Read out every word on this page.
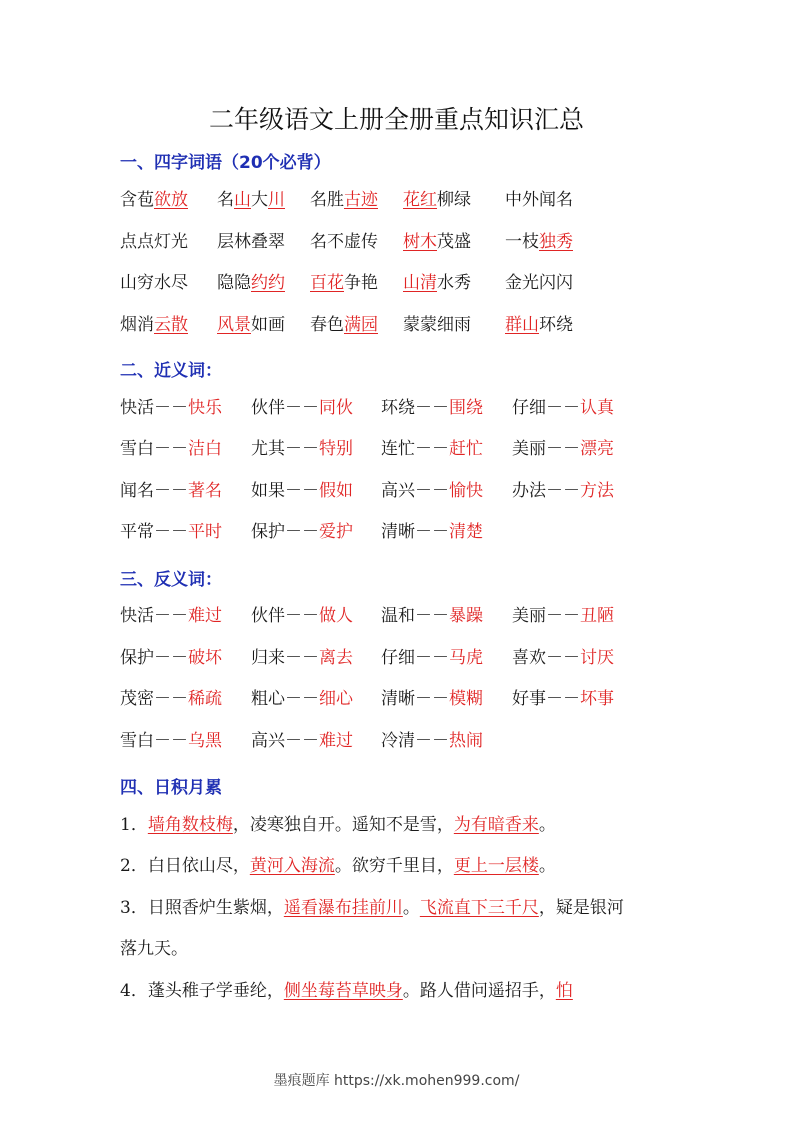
二年级语文上册全册重点知识汇总
一、四字词语（20个必背）
含苞欲放 名山大川 名胜古迹 花红柳绿 中外闻名
点点灯光 层林叠翠 名不虚传 树木茂盛 一枝独秀
山穷水尽 隐隐约约 百花争艳 山清水秀 金光闪闪
烟消云散 风景如画 春色满园 蒙蒙细雨 群山环绕
二、近义词：
快活－－快乐 伙伴－－同伙 环绕－－围绕 仔细－－认真
雪白－－洁白 尤其－－特别 连忙－－赶忙 美丽－－漂亮
闻名－－著名 如果－－假如 高兴－－愉快 办法－－方法
平常－－平时 保护－－爱护 清晰－－清楚
三、反义词：
快活－－难过 伙伴－－做人 温和－－暴躁 美丽－－丑陋
保护－－破坏 归来－－离去 仔细－－马虎 喜欢－－讨厌
茂密－－稀疏 粗心－－细心 清晰－－模糊 好事－－坏事
雪白－－乌黑 高兴－－难过 冷清－－热闹
四、日积月累
1．墙角数枝梅，凌寒独自开。遥知不是雪，为有暗香来。
2．白日依山尽，黄河入海流。欲穷千里目，更上一层楼。
3．日照香炉生紫烟，遥看瀑布挂前川。飞流直下三千尺，疑是银河
落九天。
4．蓬头稚子学垂纶，侧坐莓苔草映身。路人借问遥招手，怕
墨痕题库 https://xk.mohen999.com/
